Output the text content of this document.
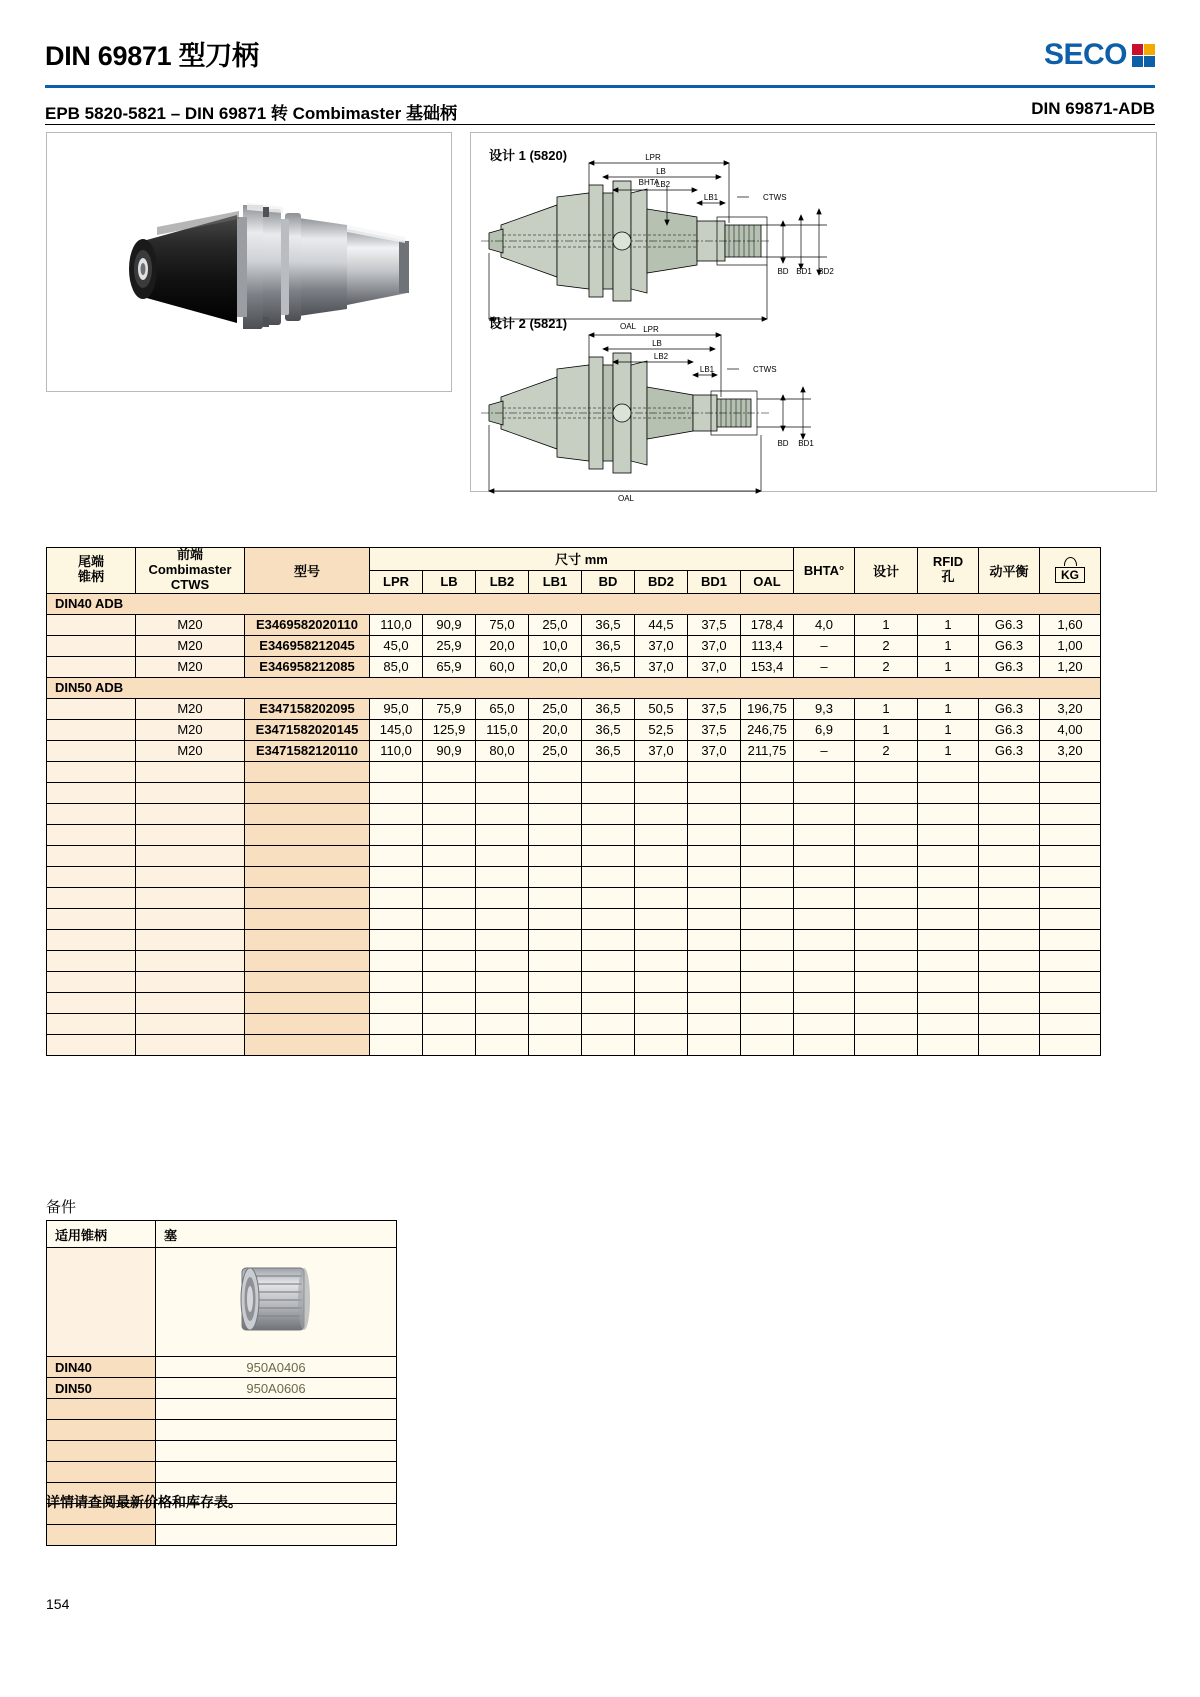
DIN 69871 型刀柄	SECO
EPB 5820-5821 – DIN 69871 转 Combimaster 基础柄	DIN 69871-ADB
设计 1 (5820)
设计 2 (5821)
LPR
LB
LB2
LB1
BHTA
CTWS
OAL
BD BD1 BD2
LPR
LB
LB2
LB1	CTWS
OAL
BD BD1
尾端
锥柄

前端
Combimaster
CTWS
	型号	尺寸 mm	BHTA°	设计	
RFID
孔	动平衡	KG
			LPR	LB	LB2	LB1	BD	BD2	BD1	OAL					
DIN40 ADB															
	M20	E3469582020110	110,0	90,9	75,0	25,0	36,5	44,5	37,5	178,4	4,0	1	1	G6.3	1,60
	M20	E346958212045	45,0	25,9	20,0	10,0	36,5	37,0	37,0	113,4	–	2	1	G6.3	1,00
	M20	E346958212085	85,0	65,9	60,0	20,0	36,5	37,0	37,0	153,4	–	2	1	G6.3	1,20
DIN50 ADB															
	M20	E347158202095	95,0	75,9	65,0	25,0	36,5	50,5	37,5	196,75	9,3	1	1	G6.3	3,20
	M20	E3471582020145	145,0	125,9	115,0	20,0	36,5	52,5	37,5	246,75	6,9	1	1	G6.3	4,00
	M20	E3471582120110	110,0	90,9	80,0	25,0	36,5	37,0	37,0	211,75	–	2	1	G6.3	3,20

备件
适用锥柄	塞

DIN40	950A0406
DIN50	950A0606

详情请查阅最新价格和库存表。
154
